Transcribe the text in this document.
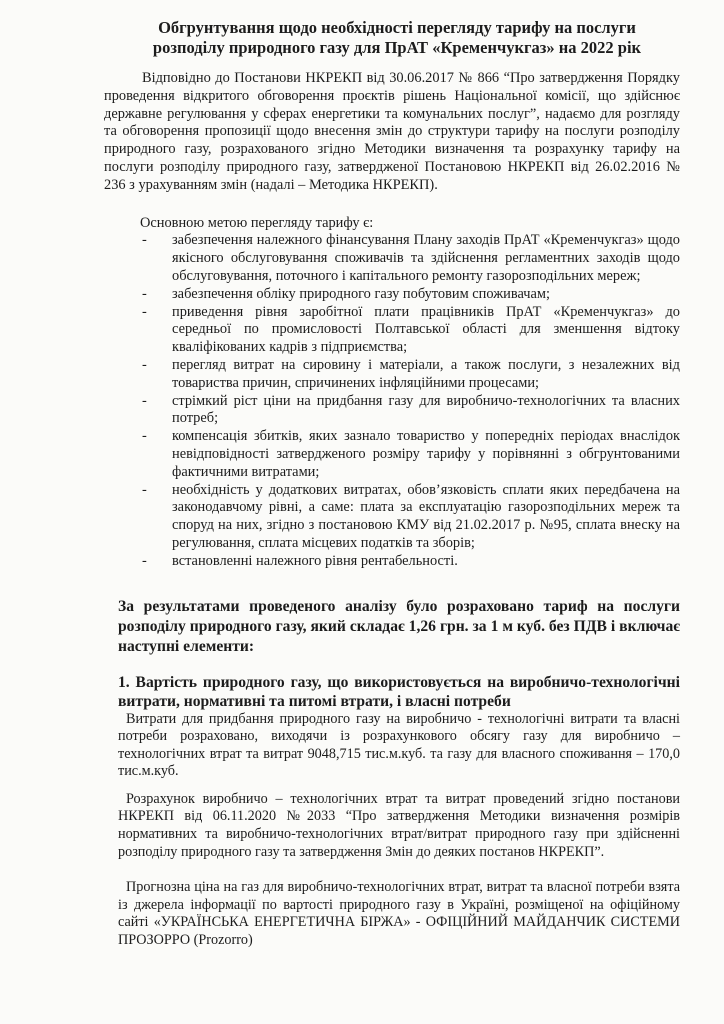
Обгрунтування щодо необхідності перегляду тарифу на послуги
розподілу природного газу для ПрАТ «Кременчукгаз» на 2022 рік

Відповідно до Постанови НКРЕКП від 30.06.2017 № 866 “Про затвердження Порядку проведення відкритого обговорення проєктів рішень Національної комісії, що здійснює державне регулювання у сферах енергетики та комунальних послуг”, надаємо для розгляду та обговорення пропозиції щодо внесення змін до структури тарифу на послуги розподілу природного газу, розрахованого згідно Методики визначення та розрахунку тарифу на послуги розподілу природного газу, затвердженої Постановою НКРЕКП від 26.02.2016 № 236 з урахуванням змін (надалі – Методика НКРЕКП).

Основною метою перегляду тарифу є:
- забезпечення належного фінансування Плану заходів ПрАТ «Кременчукгаз» щодо якісного обслуговування споживачів та здійснення регламентних заходів щодо обслуговування, поточного і капітального ремонту газорозподільних мереж;
- забезпечення обліку природного газу побутовим споживачам;
- приведення рівня заробітної плати працівників ПрАТ «Кременчукгаз» до середньої по промисловості Полтавської області для зменшення відтоку кваліфікованих кадрів з підприємства;
- перегляд витрат на сировину і матеріали, а також послуги, з незалежних від товариства причин, спричинених інфляційними процесами;
- стрімкий ріст ціни на придбання газу для виробничо-технологічних та власних потреб;
- компенсація збитків, яких зазнало товариство у попередніх періодах внаслідок невідповідності затвердженого розміру тарифу у порівнянні з обгрунтованими фактичними витратами;
- необхідність у додаткових витратах, обов’язковість сплати яких передбачена на законодавчому рівні, а саме: плата за експлуатацію газорозподільних мереж та споруд на них, згідно з постановою КМУ від 21.02.2017 р. №95, сплата внеску на регулювання, сплата місцевих податків та зборів;
- встановленні належного рівня рентабельності.

За результатами проведеного аналізу було розраховано тариф на послуги розподілу природного газу, який складає 1,26 грн. за 1 м куб. без ПДВ і включає наступні елементи:

1. Вартість природного газу, що використовується на виробничо-технологічні витрати, нормативні та питомі втрати, і власні потреби

Витрати для придбання природного газу на виробничо - технологічні витрати та власні потреби розраховано, виходячи із розрахункового обсягу газу для виробничо – технологічних втрат та витрат 9048,715 тис.м.куб. та газу для власного споживання – 170,0 тис.м.куб.

Розрахунок виробничо – технологічних втрат та витрат проведений згідно постанови НКРЕКП від 06.11.2020 №2033 “Про затвердження Методики визначення розмірів нормативних та виробничо-технологічних втрат/витрат природного газу при здійсненні розподілу природного газу та затвердження Змін до деяких постанов НКРЕКП”.

Прогнозна ціна на газ для виробничо-технологічних втрат, витрат та власної потреби взята із джерела інформації по вартості природного газу в Україні, розміщеної на офіційному сайті «УКРАЇНСЬКА ЕНЕРГЕТИЧНА БІРЖА» - ОФІЦІЙНИЙ МАЙДАНЧИК СИСТЕМИ ПРОЗОРРО (Prozorro)
